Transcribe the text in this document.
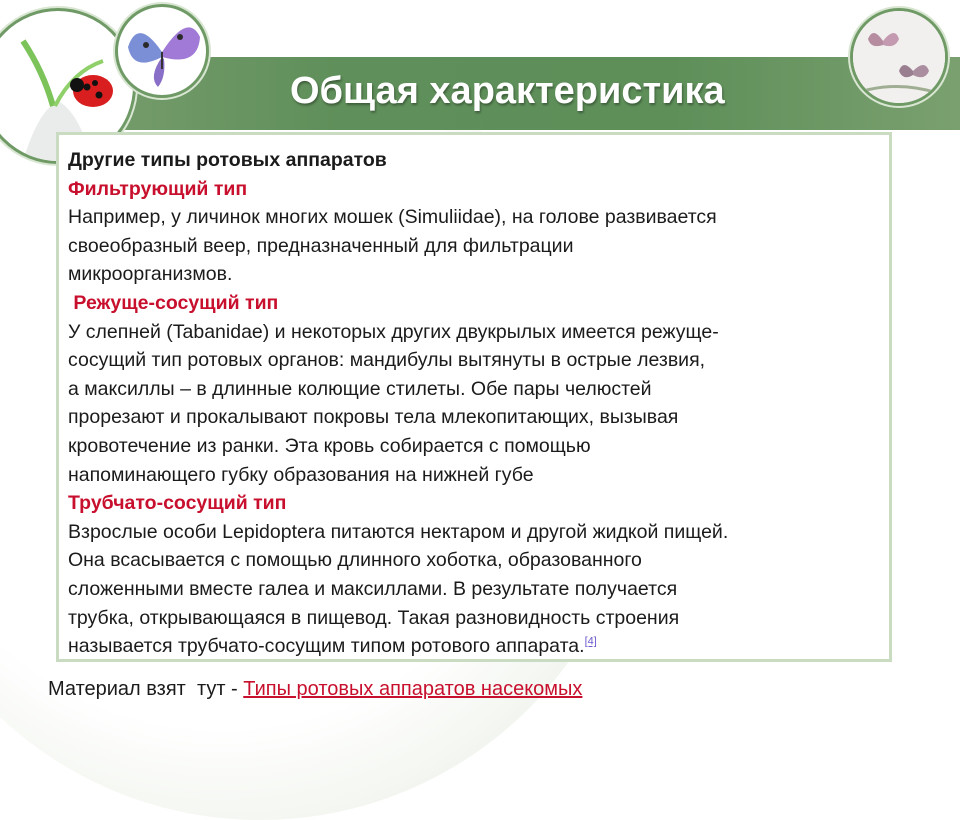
Общая характеристика

Другие типы ротовых аппаратов

Фильтрующий тип

Например, у личинок многих мошек (Simuliidae), на голове развивается

своеобразный веер, предназначенный для фильтрации

микроорганизмов.

Режуще-сосущий тип

У слепней (Tabanidae) и некоторых других двукрылых имеется режуще-

сосущий тип ротовых органов: мандибулы вытянуты в острые лезвия,

а максиллы – в длинные колющие стилеты. Обе пары челюстей

прорезают и прокалывают покровы тела млекопитающих, вызывая

кровотечение из ранки. Эта кровь собирается с помощью

напоминающего губку образования на нижней губе

Трубчато-сосущий тип

Взрослые особи Lepidoptera питаются нектаром и другой жидкой пищей.

Она всасывается с помощью длинного хоботка, образованного

сложенными вместе галеа и максиллами. В результате получается

трубка, открывающаяся в пищевод. Такая разновидность строения

называется трубчато-сосущим типом ротового аппарата.[4]

Материал взят  тут - Типы ротовых аппаратов насекомых
